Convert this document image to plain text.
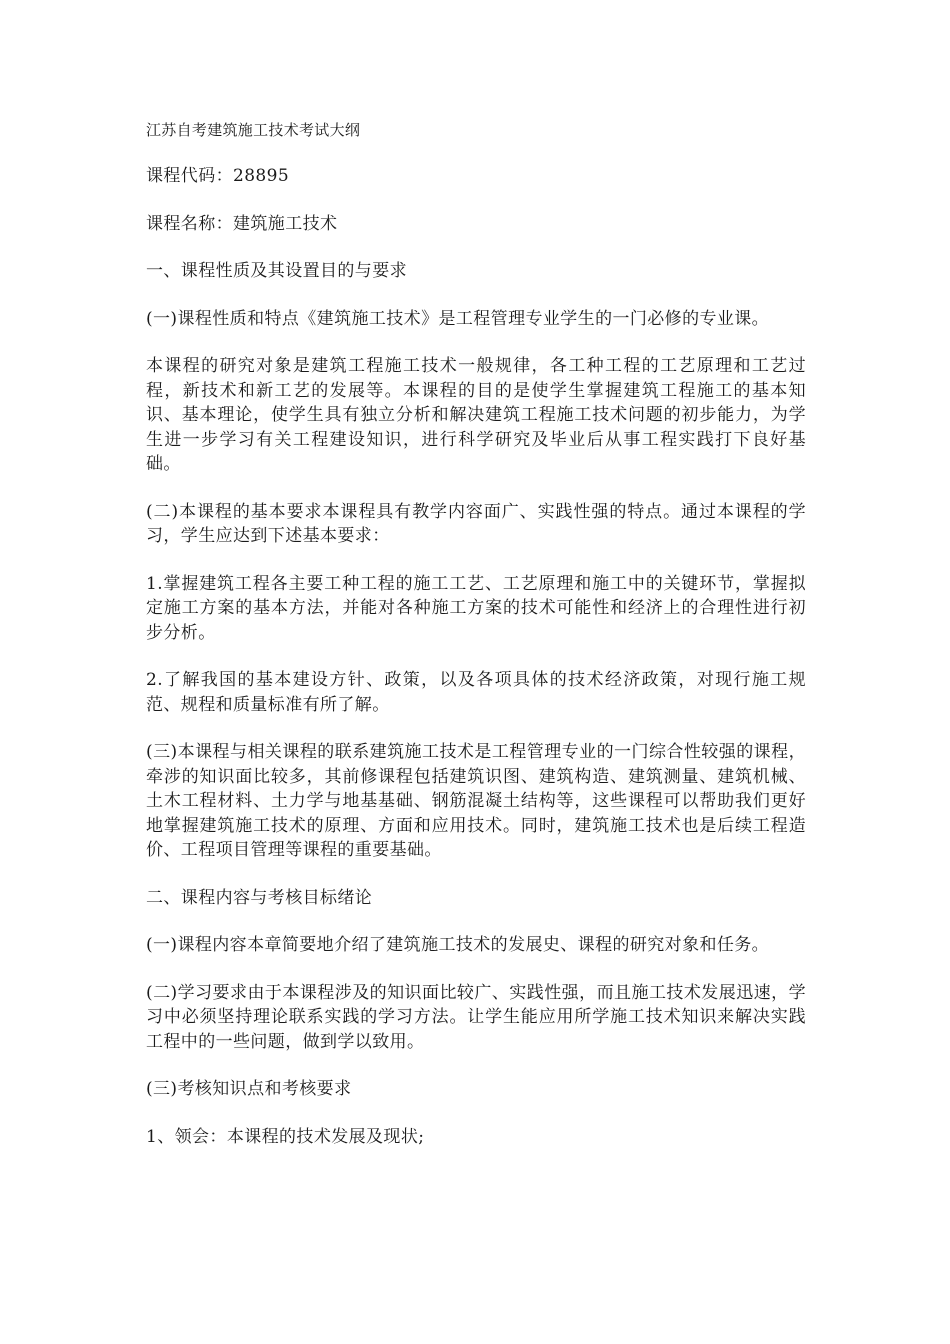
江苏自考建筑施工技术考试大纲

课程代码：28895

课程名称：建筑施工技术

一、课程性质及其设置目的与要求

(一)课程性质和特点《建筑施工技术》是工程管理专业学生的一门必修的专业课。

本课程的研究对象是建筑工程施工技术一般规律，各工种工程的工艺原理和工艺过程，新技术和新工艺的发展等。本课程的目的是使学生掌握建筑工程施工的基本知识、基本理论，使学生具有独立分析和解决建筑工程施工技术问题的初步能力，为学生进一步学习有关工程建设知识，进行科学研究及毕业后从事工程实践打下良好基础。

(二)本课程的基本要求本课程具有教学内容面广、实践性强的特点。通过本课程的学习，学生应达到下述基本要求：

1.掌握建筑工程各主要工种工程的施工工艺、工艺原理和施工中的关键环节，掌握拟定施工方案的基本方法，并能对各种施工方案的技术可能性和经济上的合理性进行初步分析。

2.了解我国的基本建设方针、政策，以及各项具体的技术经济政策，对现行施工规范、规程和质量标准有所了解。

(三)本课程与相关课程的联系建筑施工技术是工程管理专业的一门综合性较强的课程，牵涉的知识面比较多，其前修课程包括建筑识图、建筑构造、建筑测量、建筑机械、土木工程材料、土力学与地基基础、钢筋混凝土结构等，这些课程可以帮助我们更好地掌握建筑施工技术的原理、方面和应用技术。同时，建筑施工技术也是后续工程造价、工程项目管理等课程的重要基础。

二、课程内容与考核目标绪论

(一)课程内容本章简要地介绍了建筑施工技术的发展史、课程的研究对象和任务。

(二)学习要求由于本课程涉及的知识面比较广、实践性强，而且施工技术发展迅速，学习中必须坚持理论联系实践的学习方法。让学生能应用所学施工技术知识来解决实践工程中的一些问题，做到学以致用。

(三)考核知识点和考核要求

1、领会：本课程的技术发展及现状;
